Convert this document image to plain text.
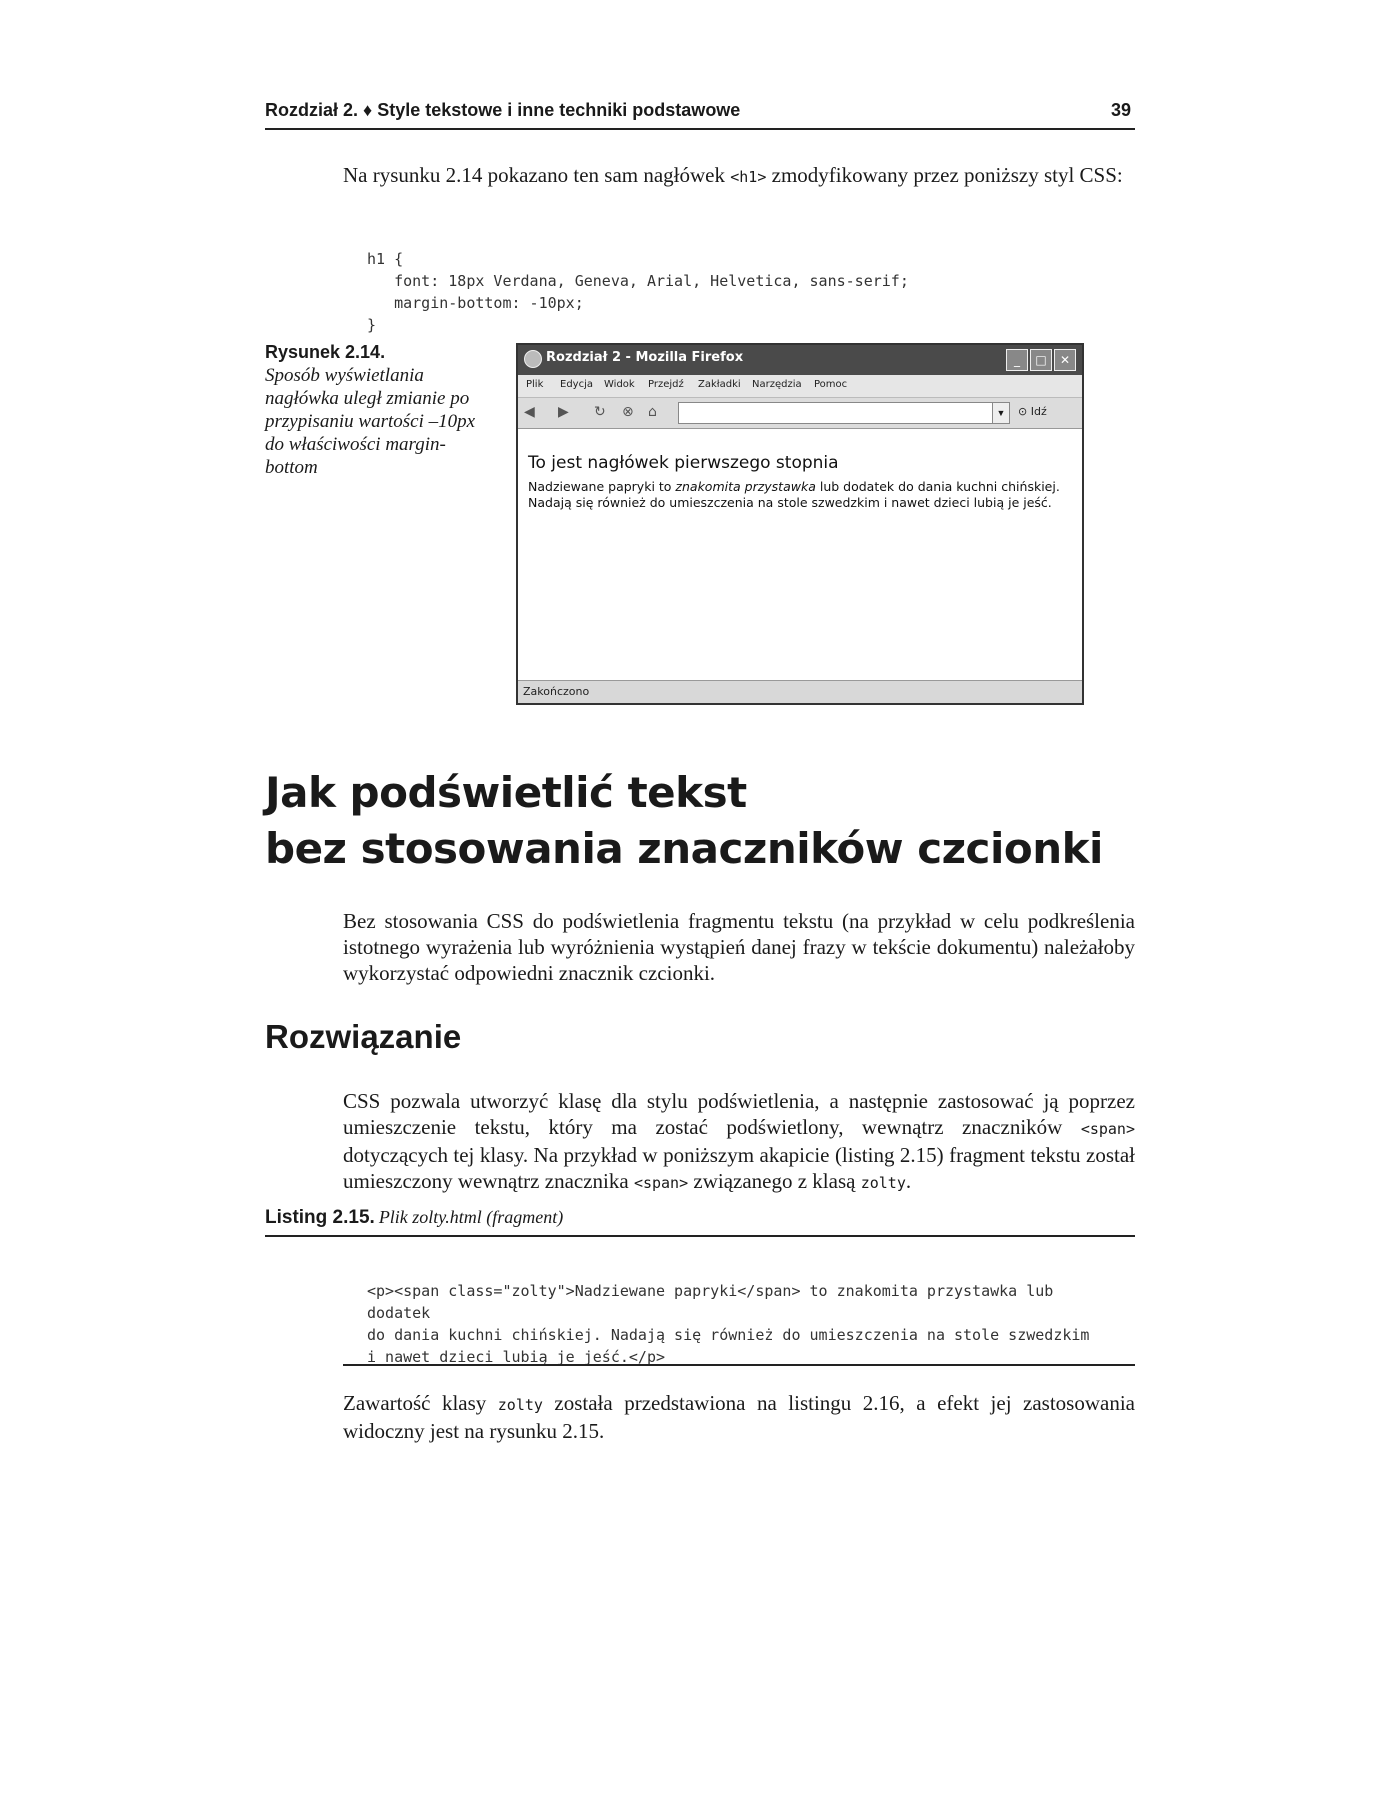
Rozdział 2. ♦ Style tekstowe i inne techniki podstawowe	39

Na rysunku 2.14 pokazano ten sam nagłówek <h1> zmodyfikowany przez poniższy styl CSS:

h1 {
font: 18px Verdana, Geneva, Arial, Helvetica, sans-serif;
margin-bottom: -10px;
}

Rysunek 2.14.
Sposób wyświetlania nagłówka uległ zmianie po przypisaniu wartości –10px do właściwości margin-bottom
Rozdział 2 - Mozilla Firefox	_	□	✕
Plik Edycja Widok Przejdź Zakładki Narzędzia Pomoc
◀ ▶ ↻ ⊗ ⌂	▼	⊙ Idź
To jest nagłówek pierwszego stopnia
Nadziewane papryki to znakomita przystawka lub dodatek do dania kuchni chińskiej. Nadają się również do umieszczenia na stole szwedzkim i nawet dzieci lubią je jeść.
Zakończono
Jak podświetlić tekst
bez stosowania znaczników czcionki

Bez stosowania CSS do podświetlenia fragmentu tekstu (na przykład w celu podkreślenia istotnego wyrażenia lub wyróżnienia wystąpień danej frazy w tekście dokumentu) należałoby wykorzystać odpowiedni znacznik czcionki.

Rozwiązanie

CSS pozwala utworzyć klasę dla stylu podświetlenia, a następnie zastosować ją poprzez umieszczenie tekstu, który ma zostać podświetlony, wewnątrz znaczników <span> dotyczących tej klasy. Na przykład w poniższym akapicie (listing 2.15) fragment tekstu został umieszczony wewnątrz znacznika <span> związanego z klasą zolty.

Listing 2.15. Plik zolty.html (fragment)

<p><span class="zolty">Nadziewane papryki</span> to znakomita przystawka lub
dodatek
do dania kuchni chińskiej. Nadają się również do umieszczenia na stole szwedzkim
i nawet dzieci lubią je jeść.</p>

Zawartość klasy zolty została przedstawiona na listingu 2.16, a efekt jej zastosowania widoczny jest na rysunku 2.15.
